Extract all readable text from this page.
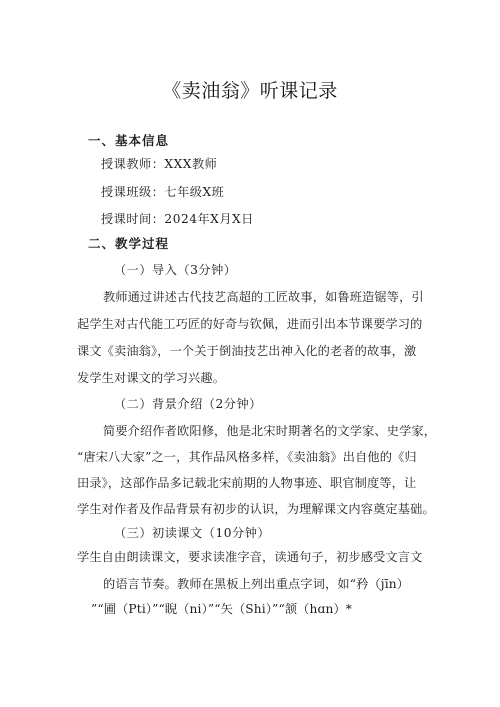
《卖油翁》听课记录
一、基本信息
授课教师：XXX教师
授课班级：七年级X班
授课时间：2024年X月X日
二、教学过程
（一）导入（3分钟）
教师通过讲述古代技艺高超的工匠故事，如鲁班造锯等，引
起学生对古代能工巧匠的好奇与钦佩，进而引出本节课要学习的
课文《卖油翁》，一个关于倒油技艺出神入化的老者的故事，激
发学生对课文的学习兴趣。
（二）背景介绍（2分钟）
简要介绍作者欧阳修，他是北宋时期著名的文学家、史学家，
“唐宋八大家”之一，其作品风格多样，《卖油翁》出自他的《归
田录》，这部作品多记载北宋前期的人物事迹、职官制度等，让
学生对作者及作品背景有初步的认识，为理解课文内容奠定基础。
（三）初读课文（10分钟）
学生自由朗读课文，要求读准字音，读通句子，初步感受文言文
的语言节奏。教师在黑板上列出重点字词，如“矜（jīn）
”“圃（Pti）”“睨（ni）”“矢（Shi）”“颔（hɑn）*
